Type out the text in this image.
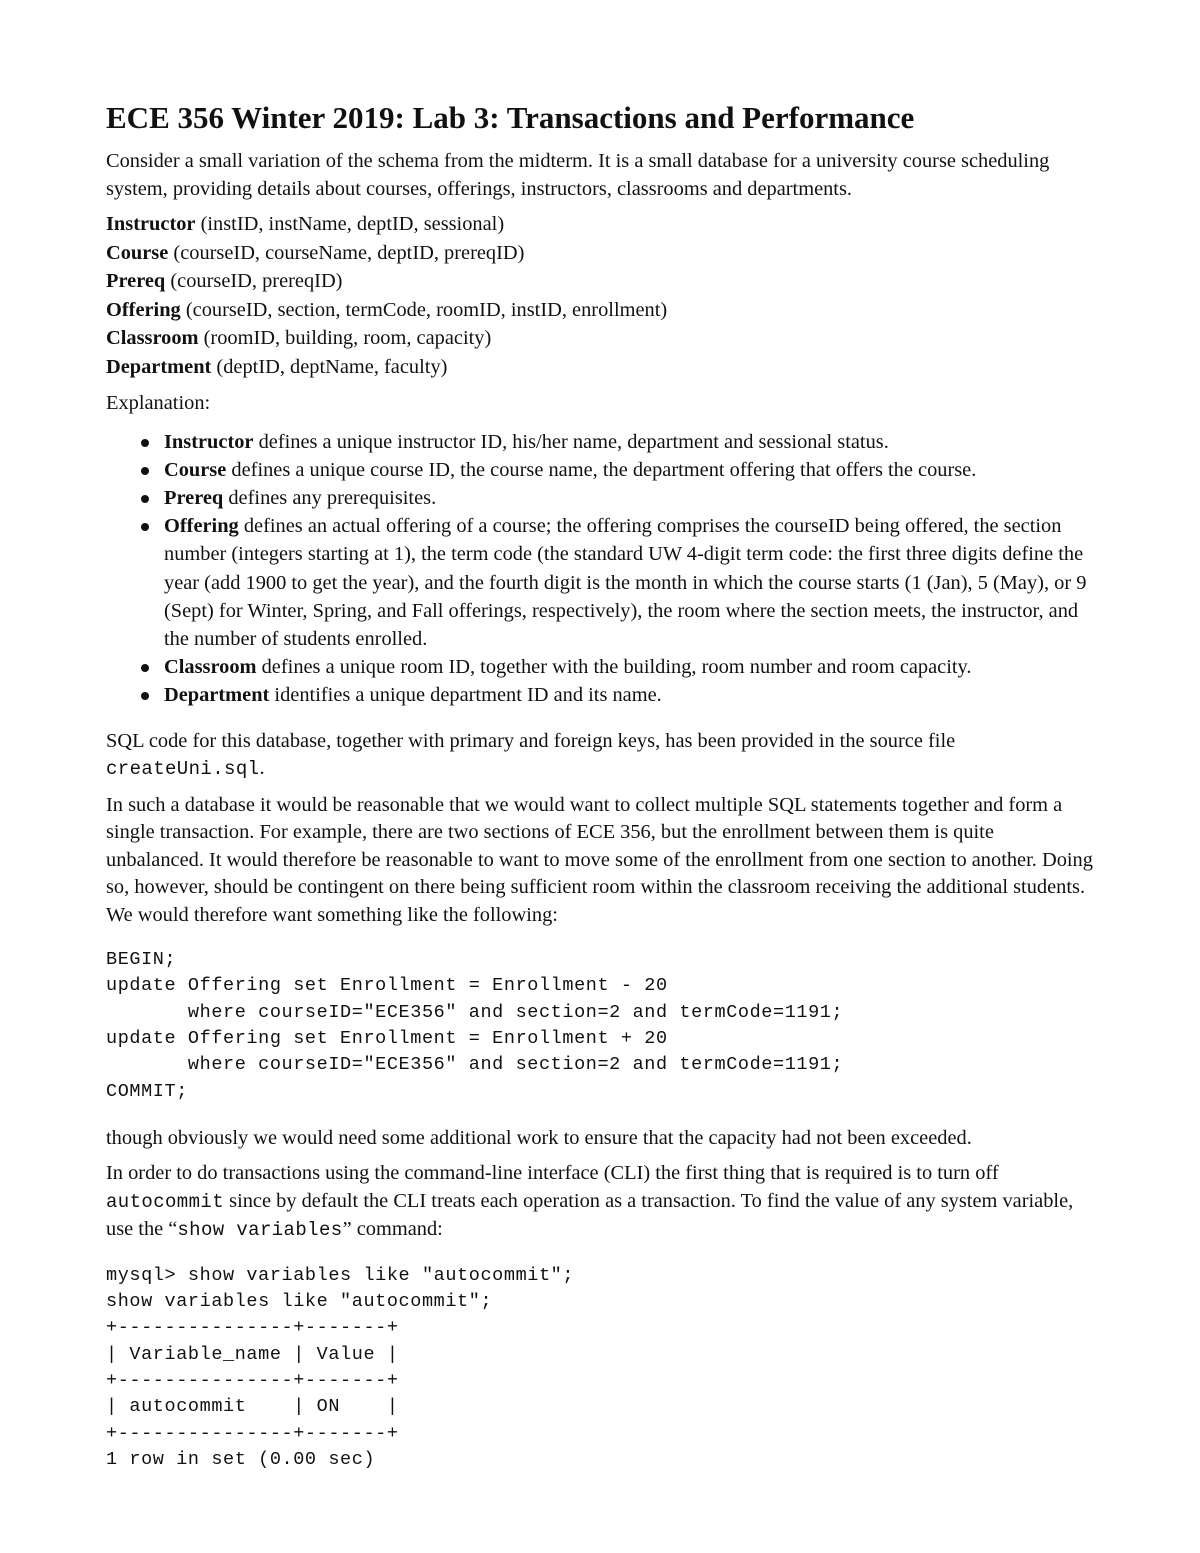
ECE 356 Winter 2019: Lab 3: Transactions and Performance

Consider a small variation of the schema from the midterm. It is a small database for a university course scheduling system, providing details about courses, offerings, instructors, classrooms and departments.

Instructor (instID, instName, deptID, sessional)
Course (courseID, courseName, deptID, prereqID)
Prereq (courseID, prereqID)
Offering (courseID, section, termCode, roomID, instID, enrollment)
Classroom (roomID, building, room, capacity)
Department (deptID, deptName, faculty)

Explanation:

Instructor defines a unique instructor ID, his/her name, department and sessional status.
Course defines a unique course ID, the course name, the department offering that offers the course.
Prereq defines any prerequisites.
Offering defines an actual offering of a course; the offering comprises the courseID being offered, the section number (integers starting at 1), the term code (the standard UW 4-digit term code: the first three digits define the year (add 1900 to get the year), and the fourth digit is the month in which the course starts (1 (Jan), 5 (May), or 9 (Sept) for Winter, Spring, and Fall offerings, respectively), the room where the section meets, the instructor, and the number of students enrolled.
Classroom defines a unique room ID, together with the building, room number and room capacity.
Department identifies a unique department ID and its name.

SQL code for this database, together with primary and foreign keys, has been provided in the source file createUni.sql.

In such a database it would be reasonable that we would want to collect multiple SQL statements together and form a single transaction. For example, there are two sections of ECE 356, but the enrollment between them is quite unbalanced. It would therefore be reasonable to want to move some of the enrollment from one section to another. Doing so, however, should be contingent on there being sufficient room within the classroom receiving the additional students. We would therefore want something like the following:

BEGIN;
update Offering set Enrollment = Enrollment - 20
where courseID="ECE356" and section=2 and termCode=1191;
update Offering set Enrollment = Enrollment + 20
where courseID="ECE356" and section=2 and termCode=1191;
COMMIT;

though obviously we would need some additional work to ensure that the capacity had not been exceeded.

In order to do transactions using the command-line interface (CLI) the first thing that is required is to turn off autocommit since by default the CLI treats each operation as a transaction. To find the value of any system variable, use the “show variables” command:

mysql> show variables like "autocommit";
show variables like "autocommit";
+---------------+-------+
| Variable_name | Value |
+---------------+-------+
| autocommit    | ON    |
+---------------+-------+
1 row in set (0.00 sec)
